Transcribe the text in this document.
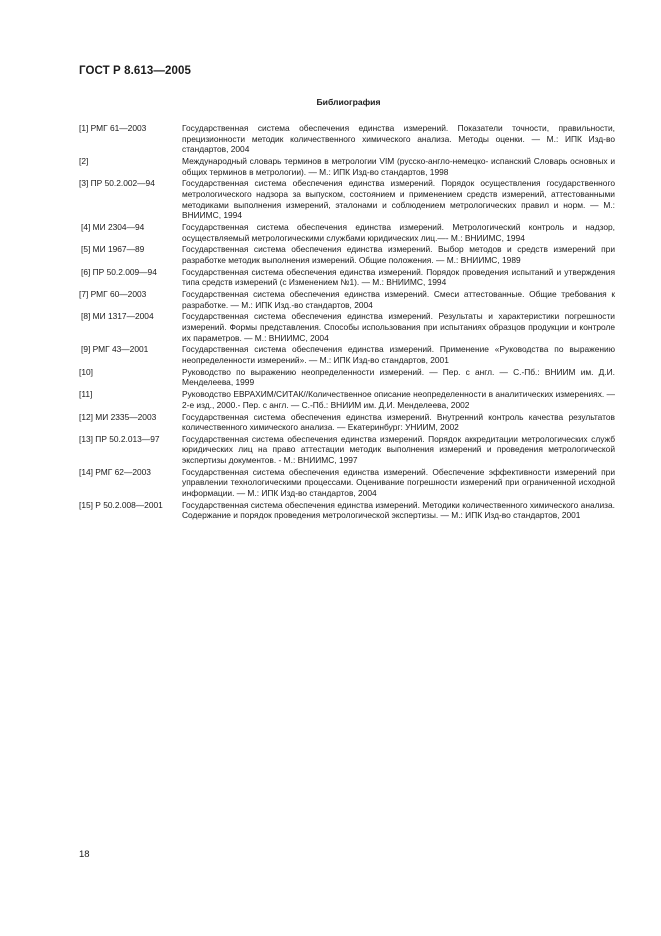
ГОСТ Р 8.613—2005
Библиография
[1] РМГ 61—2003	Государственная система обеспечения единства измерений. Показатели точности, правильности, прецизионности методик количественного химического анализа. Методы оценки. — М.: ИПК Изд-во стандартов, 2004
[2]	Международный словарь терминов в метрологии VIM (русско-англо-немецко- испанский Словарь основных и общих терминов в метрологии). — М.: ИПК Изд-во стандартов, 1998
[3] ПР 50.2.002—94	Государственная система обеспечения единства измерений. Порядок осуществления государственного метрологического надзора за выпуском, состоянием и применением средств измерений, аттестованными методиками выполнения измерений, эталонами и соблюдением метрологических правил и норм. — М.: ВНИИМС, 1994
[4] МИ 2304—94	Государственная система обеспечения единства измерений. Метрологический контроль и надзор, осуществляемый метрологическими службами юридических лиц.—- М.: ВНИИМС, 1994
[5] МИ 1967—89	Государственная система обеспечения единства измерений. Выбор методов и средств измерений при разработке методик выполнения измерений. Общие положения. — М.: ВНИИМС, 1989
[6] ПР 50.2.009—94	Государственная система обеспечения единства измерений. Порядок проведения испытаний и утверждения типа средств измерений (с Изменением №1). — М.: ВНИИМС, 1994
[7] РМГ 60—2003	Государственная система обеспечения единства измерений. Смеси аттестованные. Общие требования к разработке. — М.: ИПК Изд.-во стандартов, 2004
[8] МИ 1317—2004	Государственная система обеспечения единства измерений. Результаты и характеристики погрешности измерений. Формы представления. Способы использования при испытаниях образцов продукции и контроле их параметров. — М.: ВНИИМС, 2004
[9] РМГ 43—2001	Государственная система обеспечения единства измерений. Применение «Руководства по выражению неопределенности измерений». — М.: ИПК Изд-во стандартов, 2001
[10]	Руководство по выражению неопределенности измерений. — Пер. с англ. — С.-Пб.: ВНИИМ им. Д.И. Менделеева, 1999
[11]	Руководство ЕВРАХИМ/СИТАК//Количественное описание неопределенности в аналитических измерениях. — 2-е изд., 2000.- Пер. с англ. — С.-Пб.: ВНИИМ им. Д.И. Менделеева, 2002
[12] МИ 2335—2003	Государственная система обеспечения единства измерений. Внутренний контроль качества результатов количественного химического анализа. — Екатеринбург: УНИИМ, 2002
[13] ПР 50.2.013—97	Государственная система обеспечения единства измерений. Порядок аккредитации метрологических служб юридических лиц на право аттестации методик выполнения измерений и проведения метрологической экспертизы документов. - М.: ВНИИМС, 1997
[14] РМГ 62—2003	Государственная система обеспечения единства измерений. Обеспечение эффективности измерений при управлении технологическими процессами. Оценивание погрешности измерений при ограниченной исходной информации. — М.: ИПК Изд-во стандартов, 2004
[15] Р 50.2.008—2001	Государственная система обеспечения единства измерений. Методики количественного химического анализа. Содержание и порядок проведения метрологической экспертизы. — М.: ИПК Изд-во стандартов, 2001
18
